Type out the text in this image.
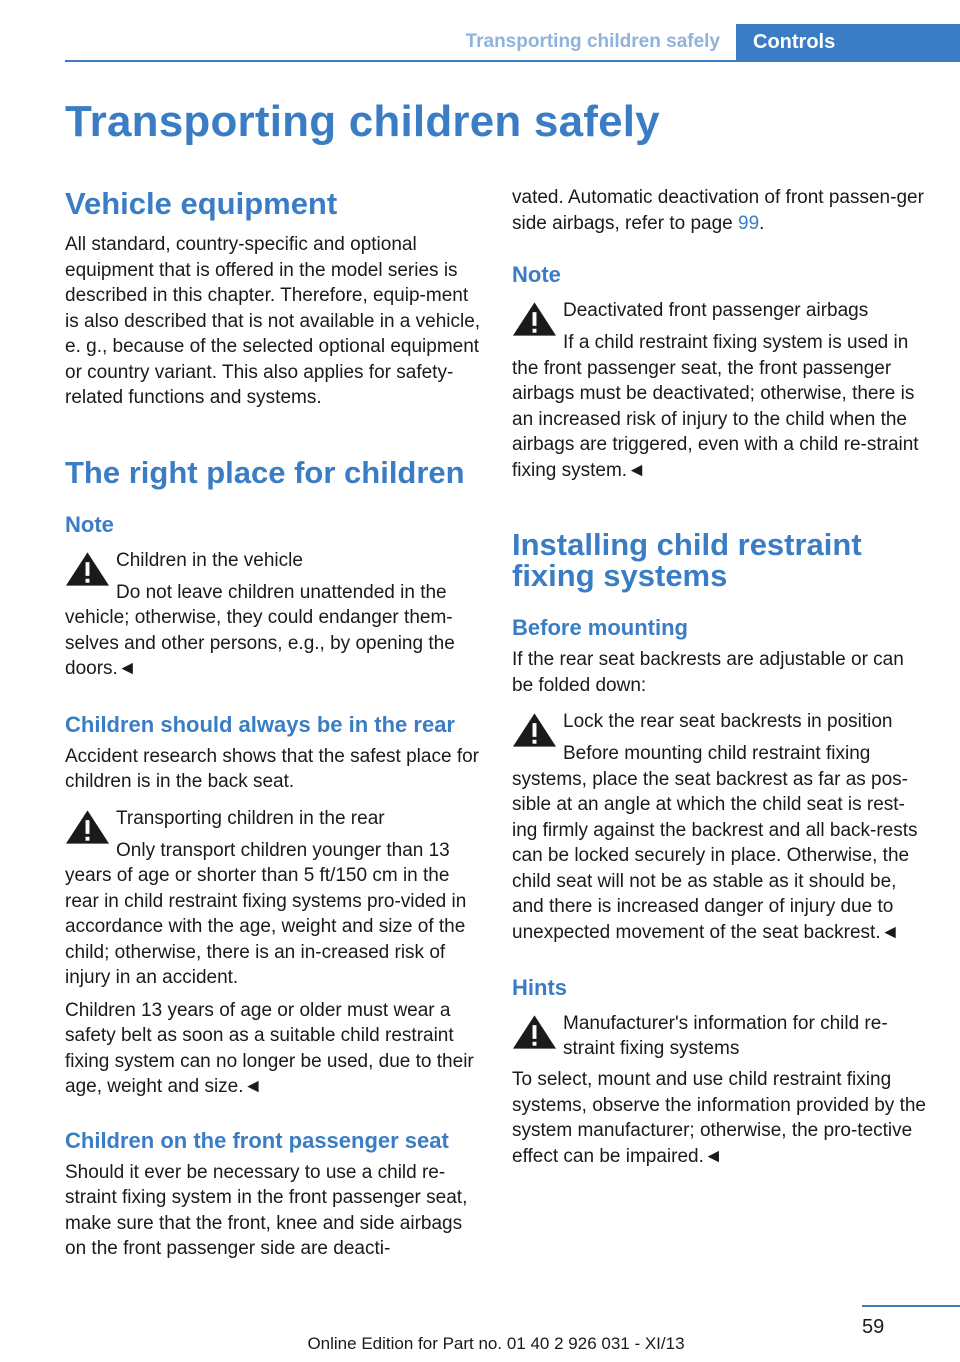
Transporting children safely	Controls
Transporting children safely
Vehicle equipment

All standard, country-specific and optional equipment that is offered in the model series is described in this chapter. Therefore, equip-ment is also described that is not available in a vehicle, e. g., because of the selected optional equipment or country variant. This also applies for safety-related functions and systems.

The right place for children
Note
Children in the vehicle
Do not leave children unattended in the vehicle; otherwise, they could endanger them-selves and other persons, e.g., by opening the doors.◄
Children should always be in the rear

Accident research shows that the safest place for children is in the back seat.

Transporting children in the rear
Only transport children younger than 13 years of age or shorter than 5 ft/150 cm in the rear in child restraint fixing systems pro-vided in accordance with the age, weight and size of the child; otherwise, there is an in-creased risk of injury in an accident.

Children 13 years of age or older must wear a safety belt as soon as a suitable child restraint fixing system can no longer be used, due to their age, weight and size.◄

Children on the front passenger seat

Should it ever be necessary to use a child re-straint fixing system in the front passenger seat, make sure that the front, knee and side airbags on the front passenger side are deacti-

vated. Automatic deactivation of front passen-ger side airbags, refer to page 99.

Note
Deactivated front passenger airbags
If a child restraint fixing system is used in the front passenger seat, the front passenger airbags must be deactivated; otherwise, there is an increased risk of injury to the child when the airbags are triggered, even with a child re-straint fixing system.◄
Installing child restraint fixing systems
Before mounting

If the rear seat backrests are adjustable or can be folded down:

Lock the rear seat backrests in position
Before mounting child restraint fixing systems, place the seat backrest as far as pos-sible at an angle at which the child seat is rest-ing firmly against the backrest and all back-rests can be locked securely in place. Otherwise, the child seat will not be as stable as it should be, and there is increased danger of injury due to unexpected movement of the seat backrest.◄
Hints
Manufacturer's information for child re-straint fixing systems

To select, mount and use child restraint fixing systems, observe the information provided by the system manufacturer; otherwise, the pro-tective effect can be impaired.◄

59
Online Edition for Part no. 01 40 2 926 031 - XI/13
